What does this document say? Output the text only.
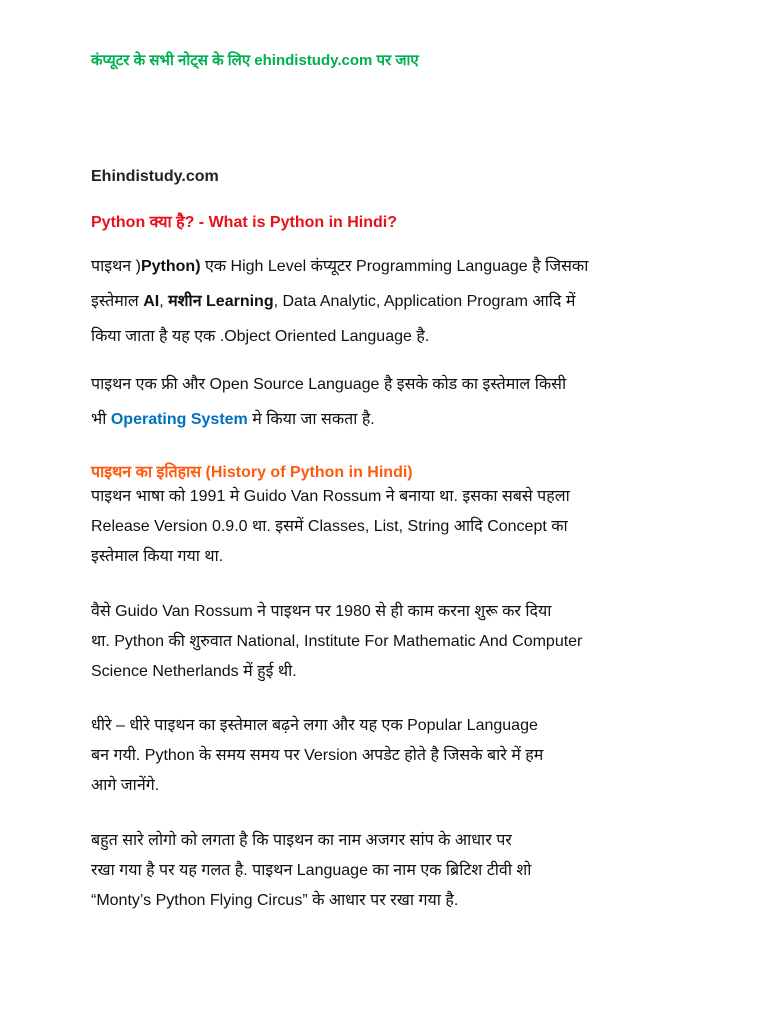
कंप्यूटर के सभी नोट्स के लिए ehindistudy.com पर जाए
Ehindistudy.com
Python क्या है? - What is Python in Hindi?
पाइथन )Python) एक High Level कंप्यूटर Programming Language है जिसका
इस्तेमाल AI, मशीन Learning, Data Analytic, Application Program आदि में
किया जाता है यह एक .Object Oriented Language है.
पाइथन एक फ्री और Open Source Language है इसके कोड का इस्तेमाल किसी
भी Operating System मे किया जा सकता है.
पाइथन का इतिहास (History of Python in Hindi)
पाइथन भाषा को 1991 मे Guido Van Rossum ने बनाया था. इसका सबसे पहला
Release Version 0.9.0 था. इसमें Classes, List, String आदि Concept का
इस्तेमाल किया गया था.
वैसे Guido Van Rossum ने पाइथन पर 1980 से ही काम करना शुरू कर दिया
था. Python की शुरुवात National, Institute For Mathematic And Computer
Science Netherlands में हुई थी.
धीरे – धीरे पाइथन का इस्तेमाल बढ़ने लगा और यह एक Popular Language
बन गयी. Python के समय समय पर Version अपडेट होते है जिसके बारे में हम
आगे जानेंगे.
बहुत सारे लोगो को लगता है कि पाइथन का नाम अजगर सांप के आधार पर
रखा गया है पर यह गलत है. पाइथन Language का नाम एक ब्रिटिश टीवी शो
“Monty’s Python Flying Circus” के आधार पर रखा गया है.
